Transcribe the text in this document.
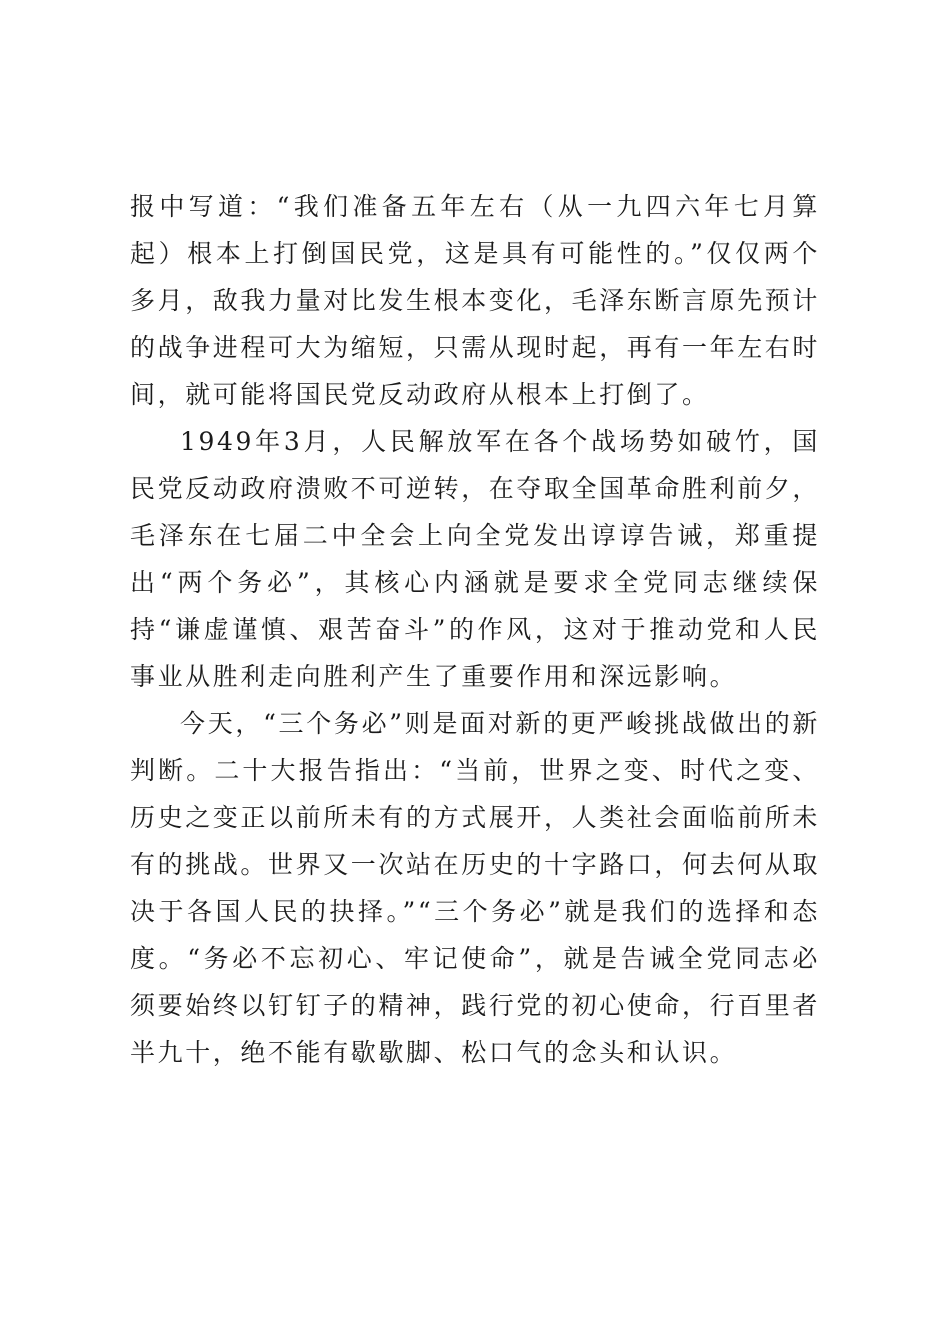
报中写道：“我们准备五年左右（从一九四六年七月算起）根本上打倒国民党，这是具有可能性的。”仅仅两个多月，敌我力量对比发生根本变化，毛泽东断言原先预计的战争进程可大为缩短，只需从现时起，再有一年左右时间，就可能将国民党反动政府从根本上打倒了。

1949年3月，人民解放军在各个战场势如破竹，国民党反动政府溃败不可逆转，在夺取全国革命胜利前夕，毛泽东在七届二中全会上向全党发出谆谆告诫，郑重提出“两个务必”，其核心内涵就是要求全党同志继续保持“谦虚谨慎、艰苦奋斗”的作风，这对于推动党和人民事业从胜利走向胜利产生了重要作用和深远影响。

今天，“三个务必”则是面对新的更严峻挑战做出的新判断。二十大报告指出：“当前，世界之变、时代之变、历史之变正以前所未有的方式展开，人类社会面临前所未有的挑战。世界又一次站在历史的十字路口，何去何从取决于各国人民的抉择。”“三个务必”就是我们的选择和态度。“务必不忘初心、牢记使命”，就是告诫全党同志必须要始终以钉钉子的精神，践行党的初心使命，行百里者半九十，绝不能有歇歇脚、松口气的念头和认识。
